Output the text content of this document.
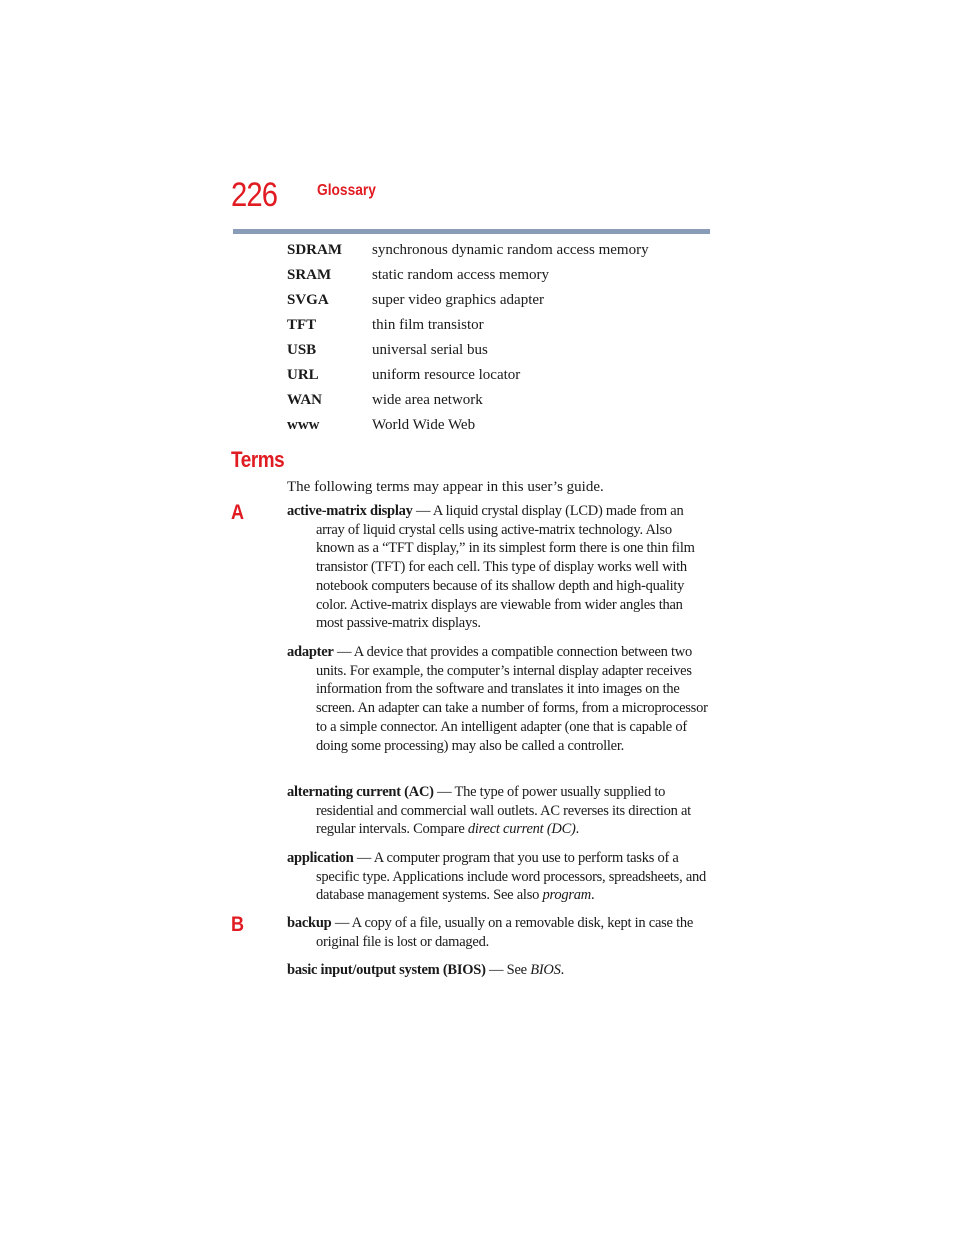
226 Glossary
SDRAM synchronous dynamic random access memory
SRAM	static random access memory
SVGA	super video graphics adapter
TFT	thin film transistor
USB	universal serial bus
URL	uniform resource locator
WAN	wide area network
www	World Wide Web
Terms
The following terms may appear in this user’s guide.
A	active-matrix display — A liquid crystal display (LCD) made from an array of liquid crystal cells using active-matrix technology. Also known as a “TFT display,” in its simplest form there is one thin film transistor (TFT) for each cell. This type of display works well with notebook computers because of its shallow depth and high-quality color. Active-matrix displays are viewable from wider angles than most passive-matrix displays.
adapter — A device that provides a compatible connection between two units. For example, the computer’s internal display adapter receives information from the software and translates it into images on the screen. An adapter can take a number of forms, from a microprocessor to a simple connector. An intelligent adapter (one that is capable of doing some processing) may also be called a controller.
alternating current (AC) — The type of power usually supplied to residential and commercial wall outlets. AC reverses its direction at regular intervals. Compare direct current (DC).
application — A computer program that you use to perform tasks of a specific type. Applications include word processors, spreadsheets, and database management systems. See also program.
B	backup — A copy of a file, usually on a removable disk, kept in case the original file is lost or damaged.
basic input/output system (BIOS) — See BIOS.
